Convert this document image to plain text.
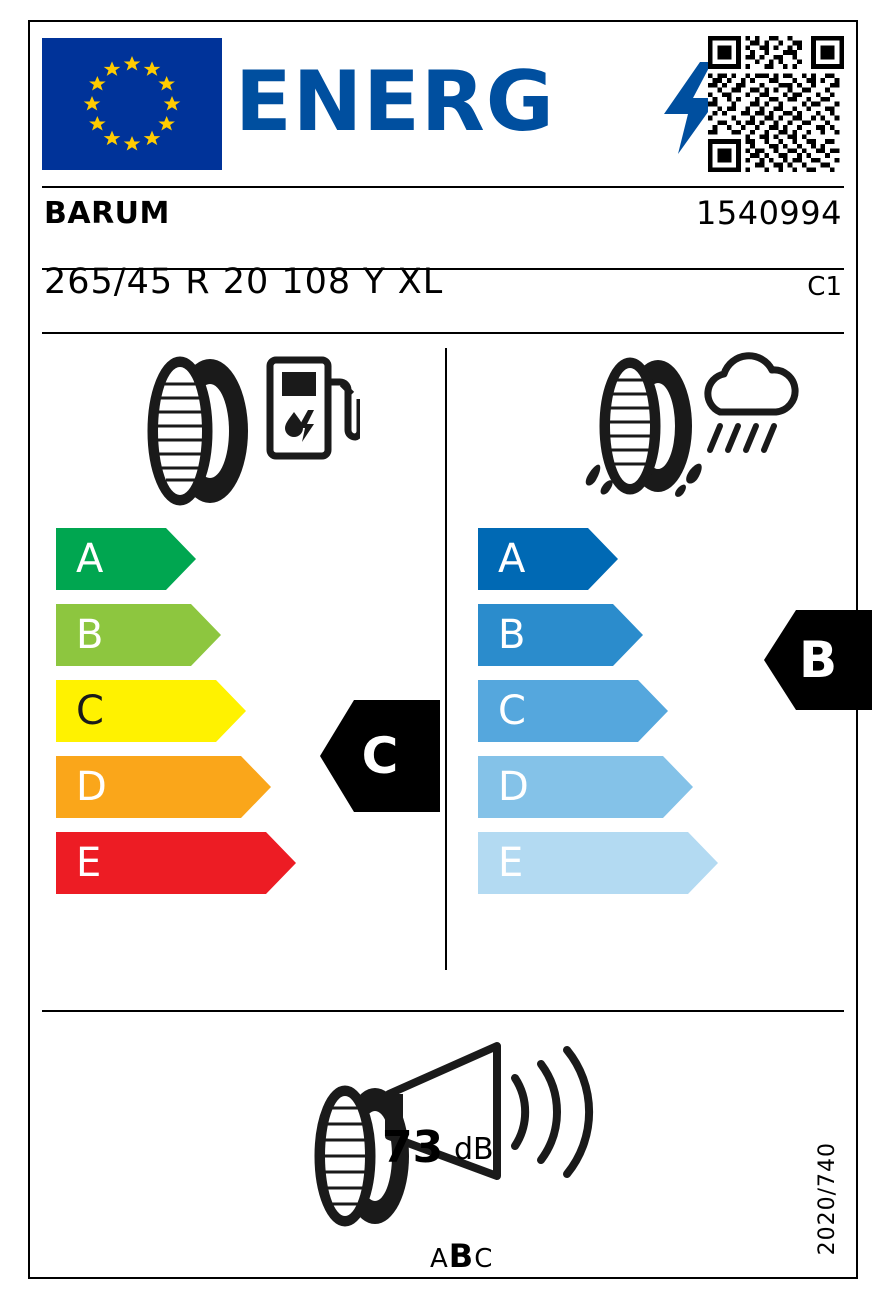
ENERG
BARUM	1540994
265/45 R 20 108 Y XL	C1
A
B
C
D
E
C
A
B
C
D
E
B
73 dB
ABC
2020/740
